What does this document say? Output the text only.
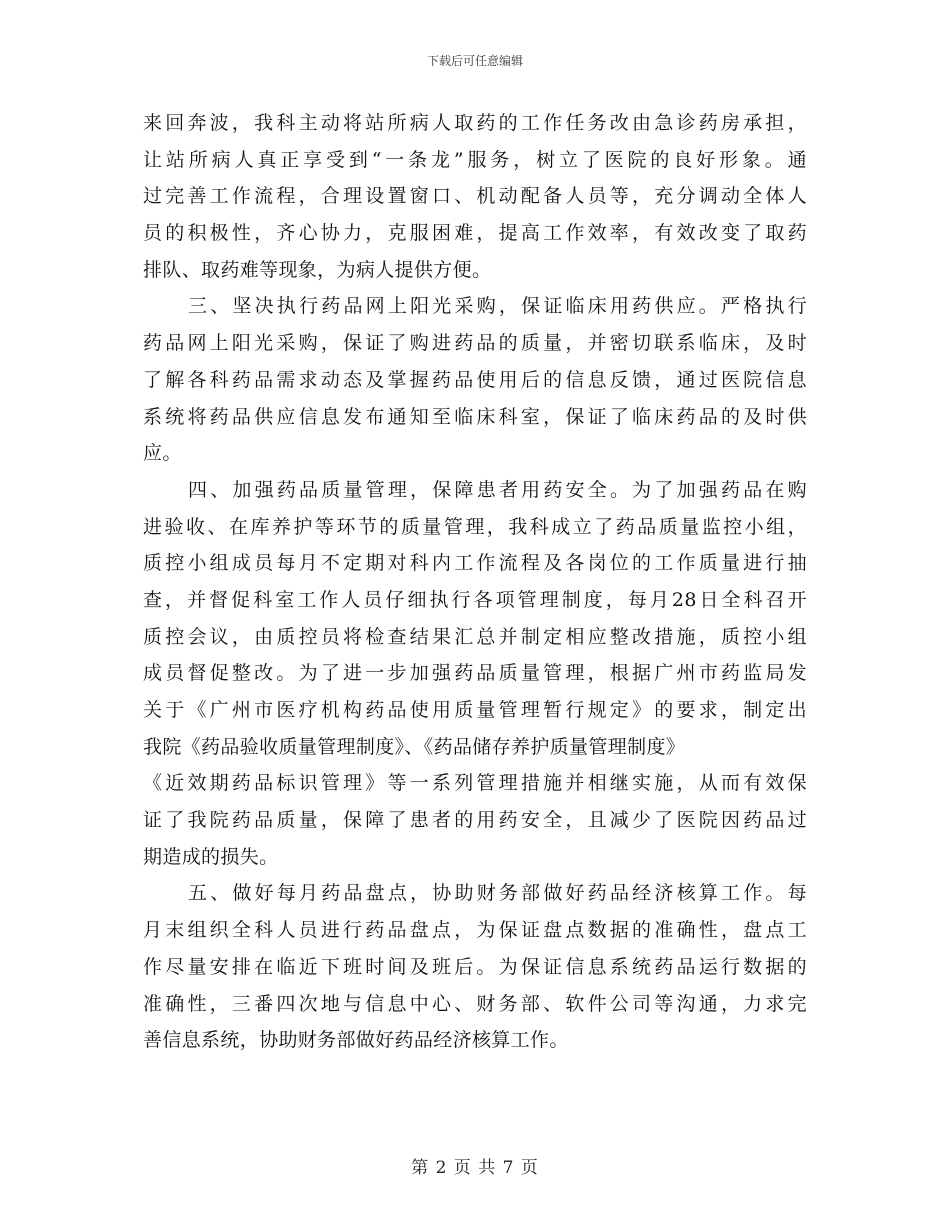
下载后可任意编辑
来回奔波，我科主动将站所病人取药的工作任务改由急诊药房承担，
让站所病人真正享受到“一条龙”服务，树立了医院的良好形象。通
过完善工作流程，合理设置窗口、机动配备人员等，充分调动全体人
员的积极性，齐心协力，克服困难，提高工作效率，有效改变了取药
排队、取药难等现象，为病人提供方便。
三、坚决执行药品网上阳光采购，保证临床用药供应。严格执行
药品网上阳光采购，保证了购进药品的质量，并密切联系临床，及时
了解各科药品需求动态及掌握药品使用后的信息反馈，通过医院信息
系统将药品供应信息发布通知至临床科室，保证了临床药品的及时供
应。
四、加强药品质量管理，保障患者用药安全。为了加强药品在购
进验收、在库养护等环节的质量管理，我科成立了药品质量监控小组，
质控小组成员每月不定期对科内工作流程及各岗位的工作质量进行抽
查，并督促科室工作人员仔细执行各项管理制度，每月28日全科召开
质控会议，由质控员将检查结果汇总并制定相应整改措施，质控小组
成员督促整改。为了进一步加强药品质量管理，根据广州市药监局发
关于《广州市医疗机构药品使用质量管理暂行规定》的要求，制定出
我院《药品验收质量管理制度》、《药品储存养护质量管理制度》
《近效期药品标识管理》等一系列管理措施并相继实施，从而有效保
证了我院药品质量，保障了患者的用药安全，且减少了医院因药品过
期造成的损失。
五、做好每月药品盘点，协助财务部做好药品经济核算工作。每
月末组织全科人员进行药品盘点，为保证盘点数据的准确性，盘点工
作尽量安排在临近下班时间及班后。为保证信息系统药品运行数据的
准确性，三番四次地与信息中心、财务部、软件公司等沟通，力求完
善信息系统，协助财务部做好药品经济核算工作。
第 2 页 共 7 页
